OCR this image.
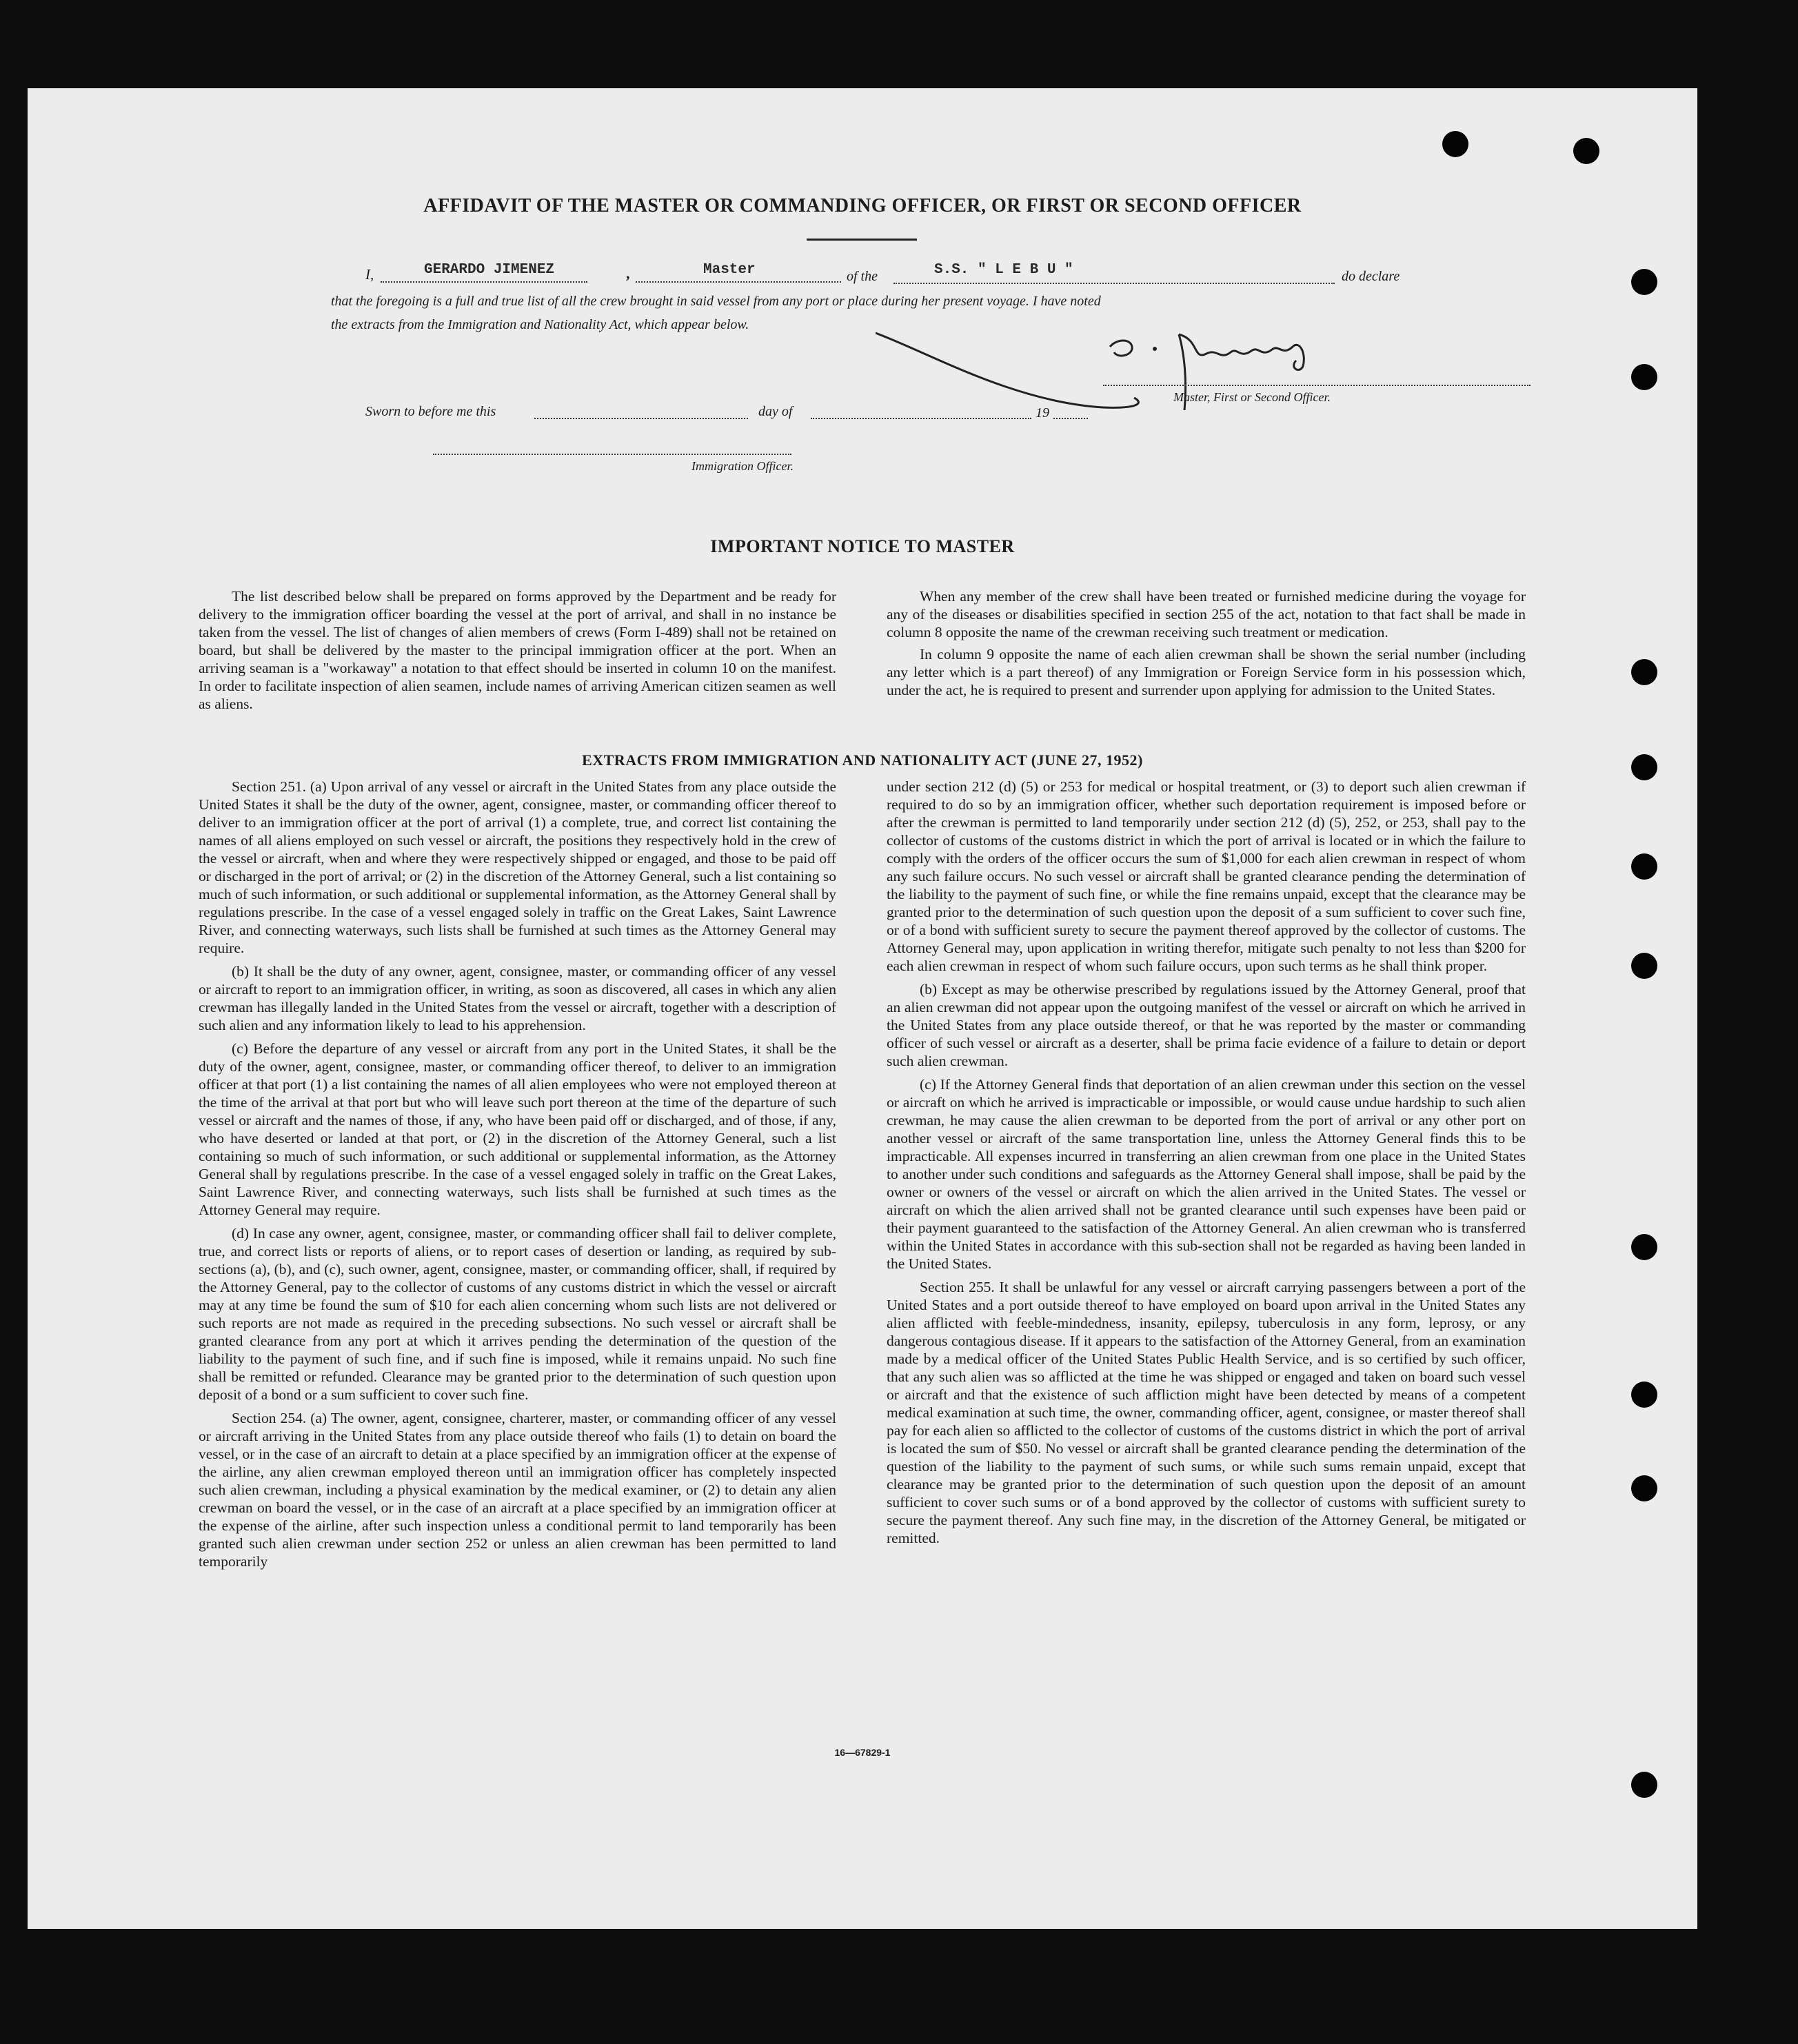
AFFIDAVIT OF THE MASTER OR COMMANDING OFFICER, OR FIRST OR SECOND OFFICER
I,	GERARDO JIMENEZ	,	Master	of the	S.S. " L E B U "	do declare
that the foregoing is a full and true list of all the crew brought in said vessel from any port or place during her present voyage. I have noted
the extracts from the Immigration and Nationality Act, which appear below.
Master, First or Second Officer.
Sworn to before me this	day of	19
Immigration Officer.
IMPORTANT NOTICE TO MASTER

The list described below shall be prepared on forms approved by the Department and be ready for delivery to the immigration officer boarding the vessel at the port of arrival, and shall in no instance be taken from the vessel. The list of changes of alien members of crews (Form I-489) shall not be retained on board, but shall be delivered by the master to the principal immigration officer at the port. When an arriving seaman is a "workaway" a notation to that effect should be inserted in column 10 on the manifest. In order to facilitate inspection of alien seamen, include names of arriving American citizen seamen as well as aliens.

When any member of the crew shall have been treated or furnished medicine during the voyage for any of the diseases or disabilities specified in section 255 of the act, notation to that fact shall be made in column 8 opposite the name of the crewman receiving such treatment or medication.

In column 9 opposite the name of each alien crewman shall be shown the serial number (including any letter which is a part thereof) of any Immigration or Foreign Service form in his possession which, under the act, he is required to present and surrender upon applying for admission to the United States.

EXTRACTS FROM IMMIGRATION AND NATIONALITY ACT (JUNE 27, 1952)

Section 251. (a) Upon arrival of any vessel or aircraft in the United States from any place outside the United States it shall be the duty of the owner, agent, consignee, master, or commanding officer thereof to deliver to an immigration officer at the port of arrival (1) a complete, true, and correct list containing the names of all aliens employed on such vessel or aircraft, the positions they respectively hold in the crew of the vessel or aircraft, when and where they were respectively shipped or engaged, and those to be paid off or discharged in the port of arrival; or (2) in the discretion of the Attorney General, such a list containing so much of such information, or such additional or supplemental information, as the Attorney General shall by regulations prescribe. In the case of a vessel engaged solely in traffic on the Great Lakes, Saint Lawrence River, and connecting waterways, such lists shall be furnished at such times as the Attorney General may require.

(b) It shall be the duty of any owner, agent, consignee, master, or commanding officer of any vessel or aircraft to report to an immigration officer, in writing, as soon as discovered, all cases in which any alien crewman has illegally landed in the United States from the vessel or aircraft, together with a description of such alien and any information likely to lead to his apprehension.

(c) Before the departure of any vessel or aircraft from any port in the United States, it shall be the duty of the owner, agent, consignee, master, or commanding officer thereof, to deliver to an immigration officer at that port (1) a list containing the names of all alien employees who were not employed thereon at the time of the arrival at that port but who will leave such port thereon at the time of the departure of such vessel or aircraft and the names of those, if any, who have been paid off or discharged, and of those, if any, who have deserted or landed at that port, or (2) in the discretion of the Attorney General, such a list containing so much of such information, or such additional or supplemental information, as the Attorney General shall by regulations prescribe. In the case of a vessel engaged solely in traffic on the Great Lakes, Saint Lawrence River, and connecting waterways, such lists shall be furnished at such times as the Attorney General may require.

(d) In case any owner, agent, consignee, master, or commanding officer shall fail to deliver complete, true, and correct lists or reports of aliens, or to report cases of desertion or landing, as required by sub-sections (a), (b), and (c), such owner, agent, consignee, master, or commanding officer, shall, if required by the Attorney General, pay to the collector of customs of any customs district in which the vessel or aircraft may at any time be found the sum of $10 for each alien concerning whom such lists are not delivered or such reports are not made as required in the preceding subsections. No such vessel or aircraft shall be granted clearance from any port at which it arrives pending the determination of the question of the liability to the payment of such fine, and if such fine is imposed, while it remains unpaid. No such fine shall be remitted or refunded. Clearance may be granted prior to the determination of such question upon deposit of a bond or a sum sufficient to cover such fine.

Section 254. (a) The owner, agent, consignee, charterer, master, or commanding officer of any vessel or aircraft arriving in the United States from any place outside thereof who fails (1) to detain on board the vessel, or in the case of an aircraft to detain at a place specified by an immigration officer at the expense of the airline, any alien crewman employed thereon until an immigration officer has completely inspected such alien crewman, including a physical examination by the medical examiner, or (2) to detain any alien crewman on board the vessel, or in the case of an aircraft at a place specified by an immigration officer at the expense of the airline, after such inspection unless a conditional permit to land temporarily has been granted such alien crewman under section 252 or unless an alien crewman has been permitted to land temporarily

under section 212 (d) (5) or 253 for medical or hospital treatment, or (3) to deport such alien crewman if required to do so by an immigration officer, whether such deportation requirement is imposed before or after the crewman is permitted to land temporarily under section 212 (d) (5), 252, or 253, shall pay to the collector of customs of the customs district in which the port of arrival is located or in which the failure to comply with the orders of the officer occurs the sum of $1,000 for each alien crewman in respect of whom any such failure occurs. No such vessel or aircraft shall be granted clearance pending the determination of the liability to the payment of such fine, or while the fine remains unpaid, except that the clearance may be granted prior to the determination of such question upon the deposit of a sum sufficient to cover such fine, or of a bond with sufficient surety to secure the payment thereof approved by the collector of customs. The Attorney General may, upon application in writing therefor, mitigate such penalty to not less than $200 for each alien crewman in respect of whom such failure occurs, upon such terms as he shall think proper.

(b) Except as may be otherwise prescribed by regulations issued by the Attorney General, proof that an alien crewman did not appear upon the outgoing manifest of the vessel or aircraft on which he arrived in the United States from any place outside thereof, or that he was reported by the master or commanding officer of such vessel or aircraft as a deserter, shall be prima facie evidence of a failure to detain or deport such alien crewman.

(c) If the Attorney General finds that deportation of an alien crewman under this section on the vessel or aircraft on which he arrived is impracticable or impossible, or would cause undue hardship to such alien crewman, he may cause the alien crewman to be deported from the port of arrival or any other port on another vessel or aircraft of the same transportation line, unless the Attorney General finds this to be impracticable. All expenses incurred in transferring an alien crewman from one place in the United States to another under such conditions and safeguards as the Attorney General shall impose, shall be paid by the owner or owners of the vessel or aircraft on which the alien arrived in the United States. The vessel or aircraft on which the alien arrived shall not be granted clearance until such expenses have been paid or their payment guaranteed to the satisfaction of the Attorney General. An alien crewman who is transferred within the United States in accordance with this sub-section shall not be regarded as having been landed in the United States.

Section 255. It shall be unlawful for any vessel or aircraft carrying passengers between a port of the United States and a port outside thereof to have employed on board upon arrival in the United States any alien afflicted with feeble-mindedness, insanity, epilepsy, tuberculosis in any form, leprosy, or any dangerous contagious disease. If it appears to the satisfaction of the Attorney General, from an examination made by a medical officer of the United States Public Health Service, and is so certified by such officer, that any such alien was so afflicted at the time he was shipped or engaged and taken on board such vessel or aircraft and that the existence of such affliction might have been detected by means of a competent medical examination at such time, the owner, commanding officer, agent, consignee, or master thereof shall pay for each alien so afflicted to the collector of customs of the customs district in which the port of arrival is located the sum of $50. No vessel or aircraft shall be granted clearance pending the determination of the question of the liability to the payment of such sums, or while such sums remain unpaid, except that clearance may be granted prior to the determination of such question upon the deposit of an amount sufficient to cover such sums or of a bond approved by the collector of customs with sufficient surety to secure the payment thereof. Any such fine may, in the discretion of the Attorney General, be mitigated or remitted.

16—67829-1
